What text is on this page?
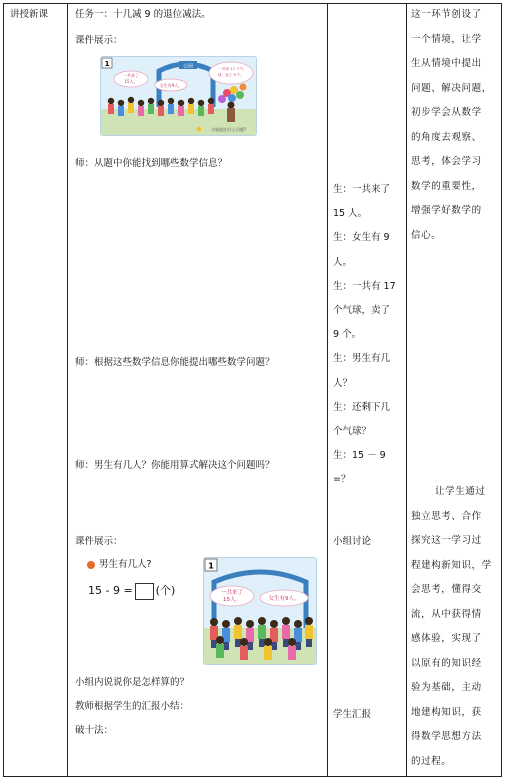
讲授新课	任务一：十几减 9 的退位减法。
课件展示：
公园
1
一共来了
15人。
女生有9人。
一共有 17 个气
球，卖了 9 个。
你能提出什么问题?
师：从题中你能找到哪些数学信息？
师：根据这些数学信息你能提出哪些数学问题？
师：男生有几人？你能用算式解决这个问题吗？
课件展示：
男生有几人?
15 - 9 = (个)
1
一共来了
15人。	女生有9人。
小组内说说你是怎样算的？
教师根据学生的汇报小结：
破十法：
生：一共来了
15 人。
生：女生有 9
人。
生：一共有 17
个气球，卖了
9 个。
生：男生有几
人？
生：还剩下几
个气球？
生：15 － 9
=？
小组讨论
学生汇报
这一环节创设了
一个情境，让学
生从情境中提出
问题、解决问题，
初步学会从数学
的角度去观察、
思考，体会学习
数学的重要性，
增强学好数学的
信心。
让学生通过
独立思考、合作
探究这一学习过
程建构新知识，学
会思考，懂得交
流，从中获得情
感体验，实现了
以原有的知识经
验为基础，主动
地建构知识，获
得数学思想方法
的过程。
